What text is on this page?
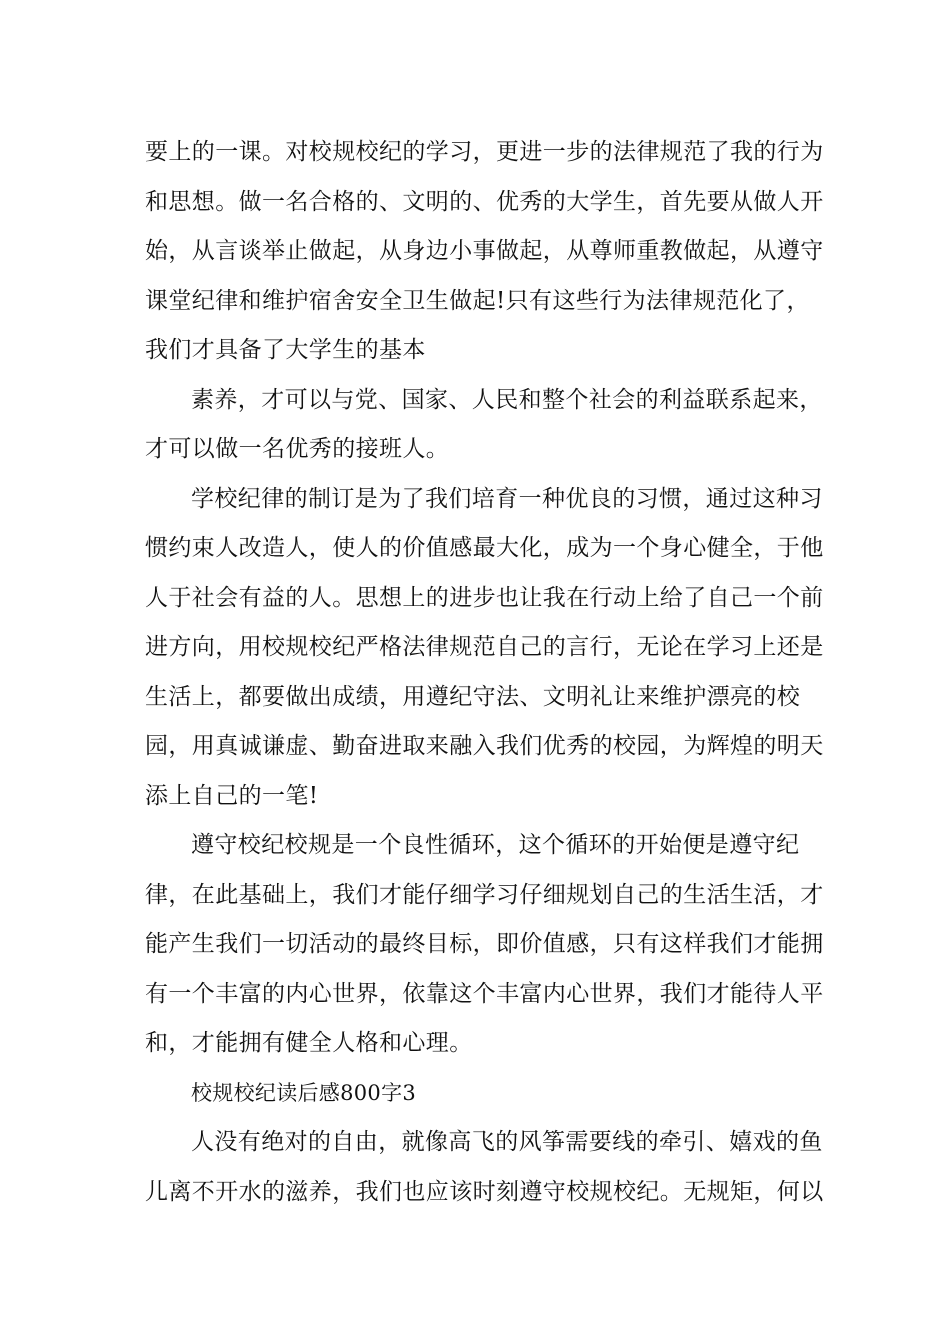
要上的一课。对校规校纪的学习，更进一步的法律规范了我的行为和思想。做一名合格的、文明的、优秀的大学生，首先要从做人开始，从言谈举止做起，从身边小事做起，从尊师重教做起，从遵守课堂纪律和维护宿舍安全卫生做起!只有这些行为法律规范化了，我们才具备了大学生的基本

素养，才可以与党、国家、人民和整个社会的利益联系起来，才可以做一名优秀的接班人。

学校纪律的制订是为了我们培育一种优良的习惯，通过这种习惯约束人改造人，使人的价值感最大化，成为一个身心健全，于他人于社会有益的人。思想上的进步也让我在行动上给了自己一个前进方向，用校规校纪严格法律规范自己的言行，无论在学习上还是生活上，都要做出成绩，用遵纪守法、文明礼让来维护漂亮的校园，用真诚谦虚、勤奋进取来融入我们优秀的校园，为辉煌的明天添上自己的一笔!

遵守校纪校规是一个良性循环，这个循环的开始便是遵守纪律，在此基础上，我们才能仔细学习仔细规划自己的生活生活，才能产生我们一切活动的最终目标，即价值感，只有这样我们才能拥有一个丰富的内心世界，依靠这个丰富内心世界，我们才能待人平和，才能拥有健全人格和心理。

校规校纪读后感800字3

人没有绝对的自由，就像高飞的风筝需要线的牵引、嬉戏的鱼儿离不开水的滋养，我们也应该时刻遵守校规校纪。无规矩，何以
